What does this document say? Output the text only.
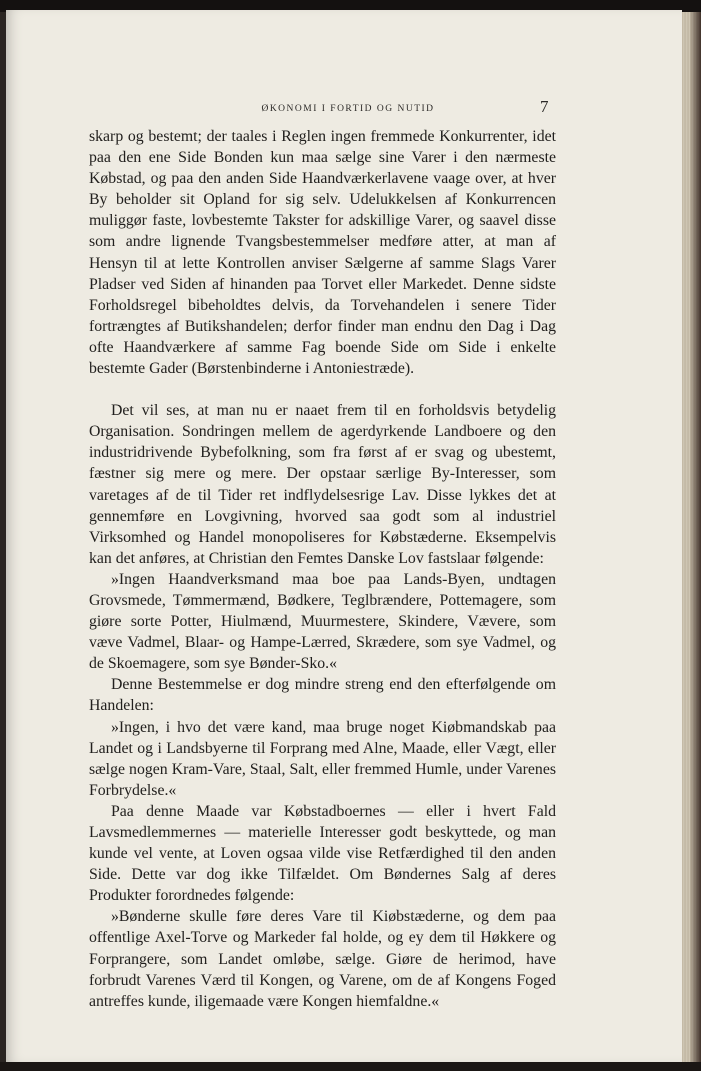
ØKONOMI I FORTID OG NUTID	7

skarp og bestemt; der taales i Reglen ingen fremmede Konkurrenter, idet paa den ene Side Bonden kun maa sælge sine Varer i den nærmeste Købstad, og paa den anden Side Haandværkerlavene vaage over, at hver By beholder sit Opland for sig selv. Udelukkelsen af Konkurrencen muliggør faste, lovbestemte Takster for adskillige Varer, og saavel disse som andre lignende Tvangsbestemmelser medføre atter, at man af Hensyn til at lette Kontrollen anviser Sælgerne af samme Slags Varer Pladser ved Siden af hinanden paa Torvet eller Markedet. Denne sidste Forholdsregel bibeholdtes delvis, da Torvehandelen i senere Tider fortrængtes af Butikshandelen; derfor finder man endnu den Dag i Dag ofte Haandværkere af samme Fag boende Side om Side i enkelte bestemte Gader (Børstenbinderne i Antoniestræde).

Det vil ses, at man nu er naaet frem til en forholdsvis betydelig Organisation. Sondringen mellem de agerdyrkende Landboere og den industridrivende Bybefolkning, som fra først af er svag og ubestemt, fæstner sig mere og mere. Der opstaar særlige By-Interesser, som varetages af de til Tider ret indflydelsesrige Lav. Disse lykkes det at gennemføre en Lovgivning, hvorved saa godt som al industriel Virksomhed og Handel monopoliseres for Købstæderne. Eksempelvis kan det anføres, at Christian den Femtes Danske Lov fastslaar følgende:

»Ingen Haandverksmand maa boe paa Lands-Byen, undtagen Grovsmede, Tømmermænd, Bødkere, Teglbrændere, Pottemagere, som giøre sorte Potter, Hiulmænd, Muurmestere, Skindere, Vævere, som væve Vadmel, Blaar- og Hampe-Lærred, Skrædere, som sye Vadmel, og de Skoemagere, som sye Bønder-Sko.«

Denne Bestemmelse er dog mindre streng end den efterfølgende om Handelen:

»Ingen, i hvo det være kand, maa bruge noget Kiøbmandskab paa Landet og i Landsbyerne til Forprang med Alne, Maade, eller Vægt, eller sælge nogen Kram-Vare, Staal, Salt, eller fremmed Humle, under Varenes Forbrydelse.«

Paa denne Maade var Købstadboernes — eller i hvert Fald Lavsmedlemmernes — materielle Interesser godt beskyttede, og man kunde vel vente, at Loven ogsaa vilde vise Retfærdighed til den anden Side. Dette var dog ikke Tilfældet. Om Bøndernes Salg af deres Produkter forordnedes følgende:

»Bønderne skulle føre deres Vare til Kiøbstæderne, og dem paa offentlige Axel-Torve og Markeder fal holde, og ey dem til Høkkere og Forprangere, som Landet omløbe, sælge. Giøre de herimod, have forbrudt Varenes Værd til Kongen, og Varene, om de af Kongens Foged antreffes kunde, iligemaade være Kongen hiemfaldne.«
